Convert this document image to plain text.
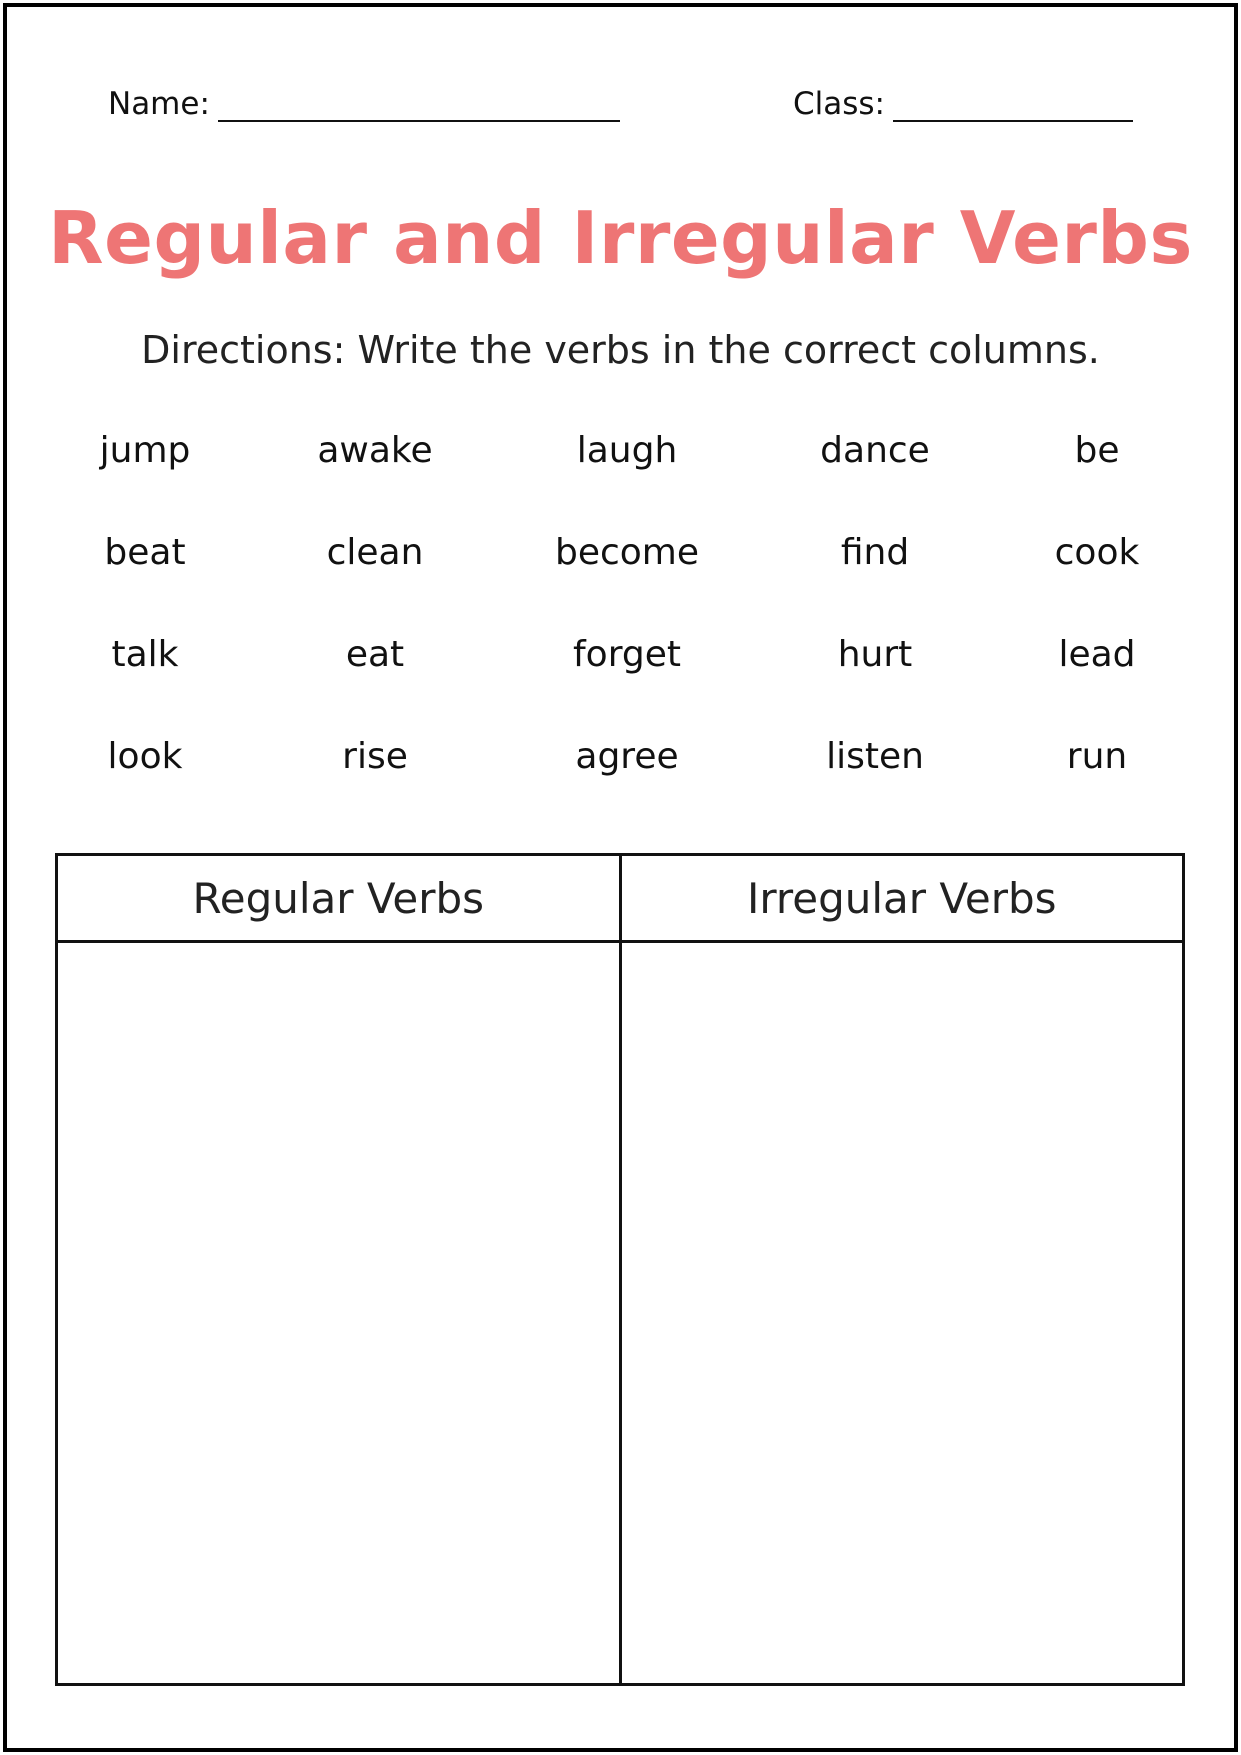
Name:	Class:
Regular and Irregular Verbs
Directions: Write the verbs in the correct columns.
jump	awake	laugh	dance	be
beat	clean	become	find	cook
talk	eat	forget	hurt	lead
look	rise	agree	listen	run
Regular Verbs	Irregular Verbs
